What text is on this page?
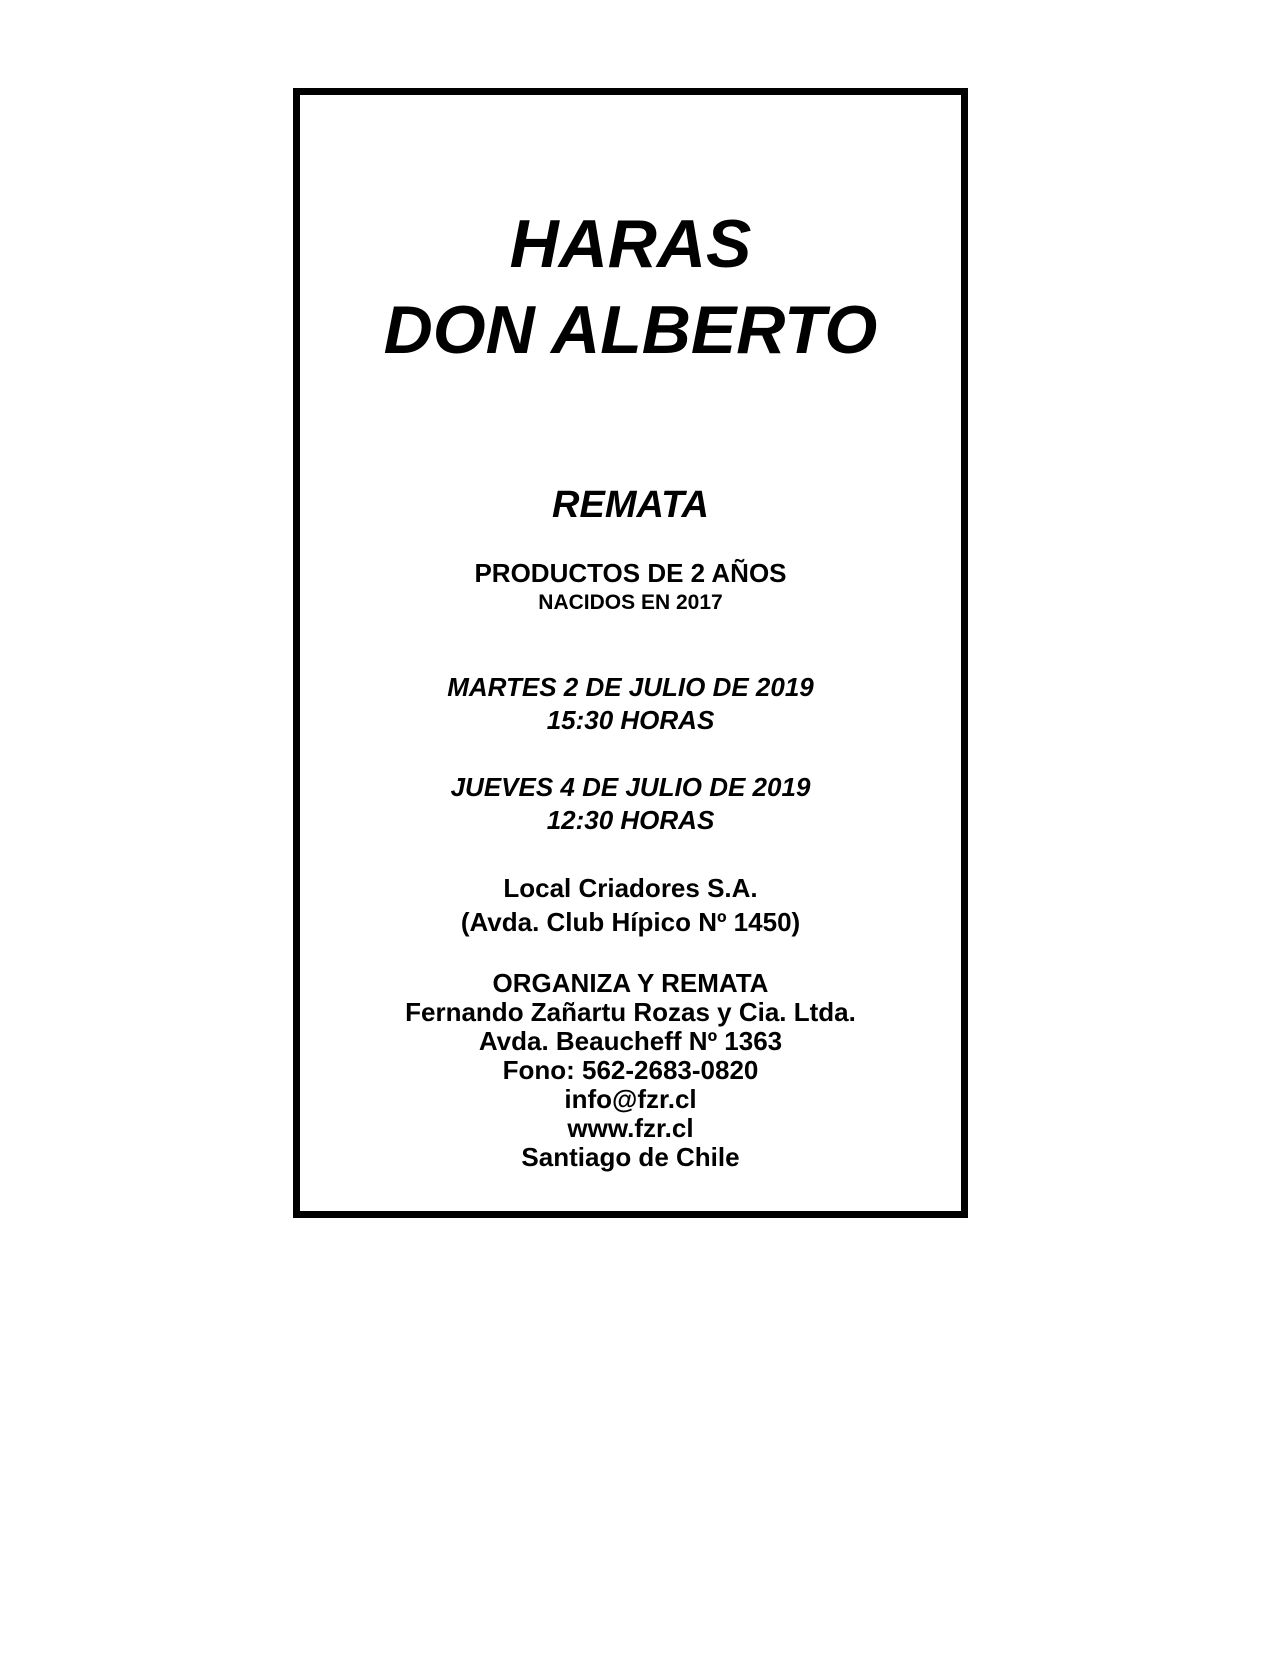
HARAS
DON ALBERTO

REMATA

PRODUCTOS DE 2 AÑOS

NACIDOS EN 2017

MARTES 2 DE JULIO DE 2019
15:30 HORAS
JUEVES 4 DE JULIO DE 2019
12:30 HORAS
Local Criadores S.A.
(Avda. Club Hípico Nº 1450)
ORGANIZA Y REMATA
Fernando Zañartu Rozas y Cia. Ltda.
Avda. Beaucheff Nº 1363
Fono: 562-2683-0820
info@fzr.cl
www.fzr.cl
Santiago de Chile
